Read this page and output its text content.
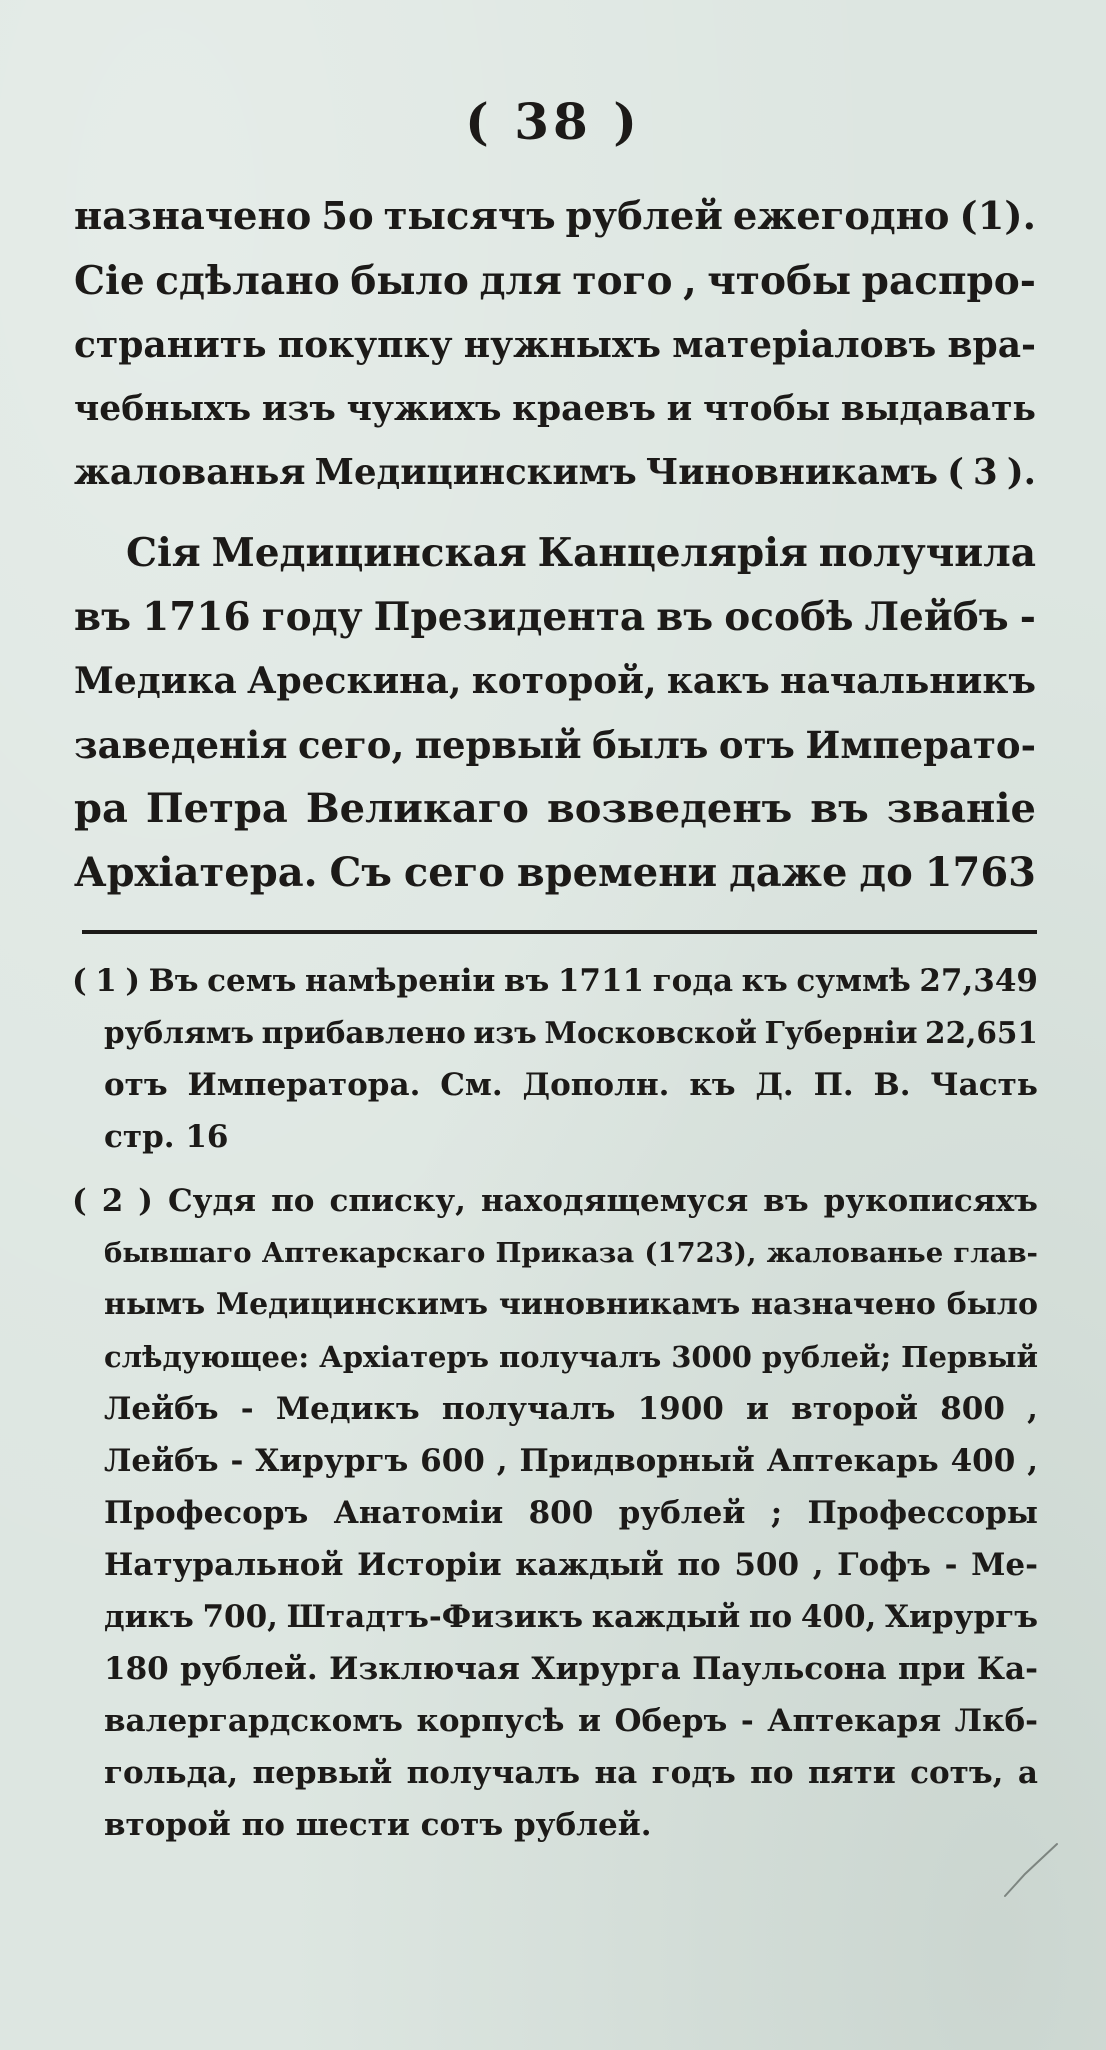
( 38 )
назначено 5о тысячъ рублей ежегодно (1).
Сіе сдѣлано было для того , чтобы распро-
странить покупку нужныхъ матеріаловъ вра-
чебныхъ изъ чужихъ краевъ и чтобы выдавать
жалованья Медицинскимъ Чиновникамъ ( 3 ).
Сія Медицинская Канцелярія получила
въ 1716 году Президента въ особѣ Лейбъ -
Медика Арескина, которой, какъ начальникъ
заведенія сего, первый былъ отъ Императо-
ра Петра Великаго возведенъ въ званіе
Архіатера. Съ сего времени даже до 1763
( 1 ) Въ семъ намѣреніи въ 1711 года къ суммѣ 27,349
рублямъ прибавлено изъ Московской Губерніи 22,651
отъ Императора. См. Дополн. къ Д. П. В. Часть
стр. 16
( 2 ) Судя по списку, находящемуся въ рукописяхъ
бывшаго Аптекарскаго Приказа (1723), жалованье глав-
нымъ Медицинскимъ чиновникамъ назначено было
слѣдующее: Архіатеръ получалъ 3000 рублей; Первый
Лейбъ - Медикъ получалъ 1900 и второй 800 ,
Лейбъ - Хирургъ 600 , Придворный Аптекарь 400 ,
Професоръ Анатоміи 800 рублей ; Профессоры
Натуральной Исторіи каждый по 500 , Гофъ - Ме-
дикъ 700, Штадтъ-Физикъ каждый по 400, Хирургъ
180 рублей. Изключая Хирурга Паульсона при Ка-
валергардскомъ корпусѣ и Оберъ - Аптекаря Лкб-
гольда, первый получалъ на годъ по пяти сотъ, а
второй по шести сотъ рублей.
